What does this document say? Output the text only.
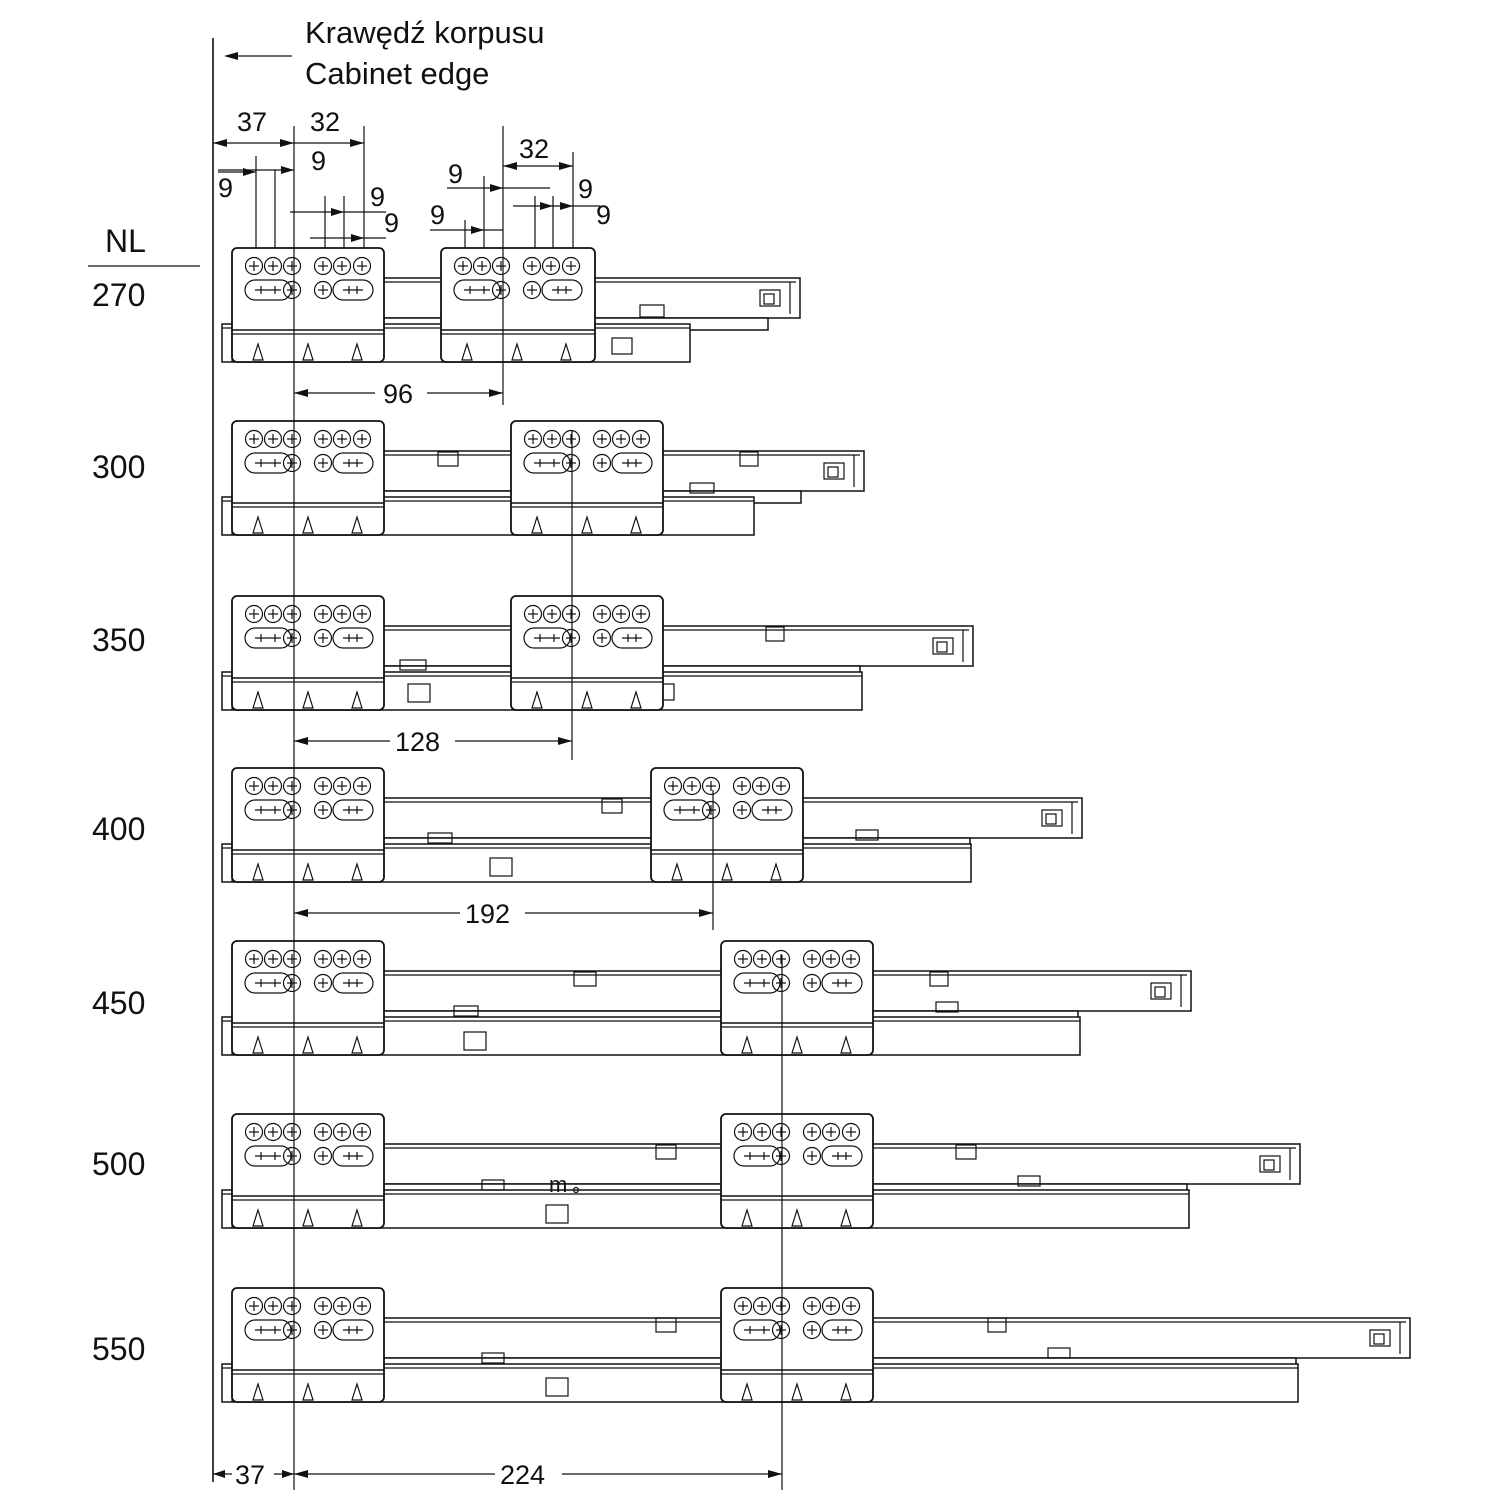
Krawędź korpusu
Cabinet edge
NL
270
300
350
400
450
500
550
37 32
9
9	9
9
32
9
9
9
9
96
128
192
37	224
m
